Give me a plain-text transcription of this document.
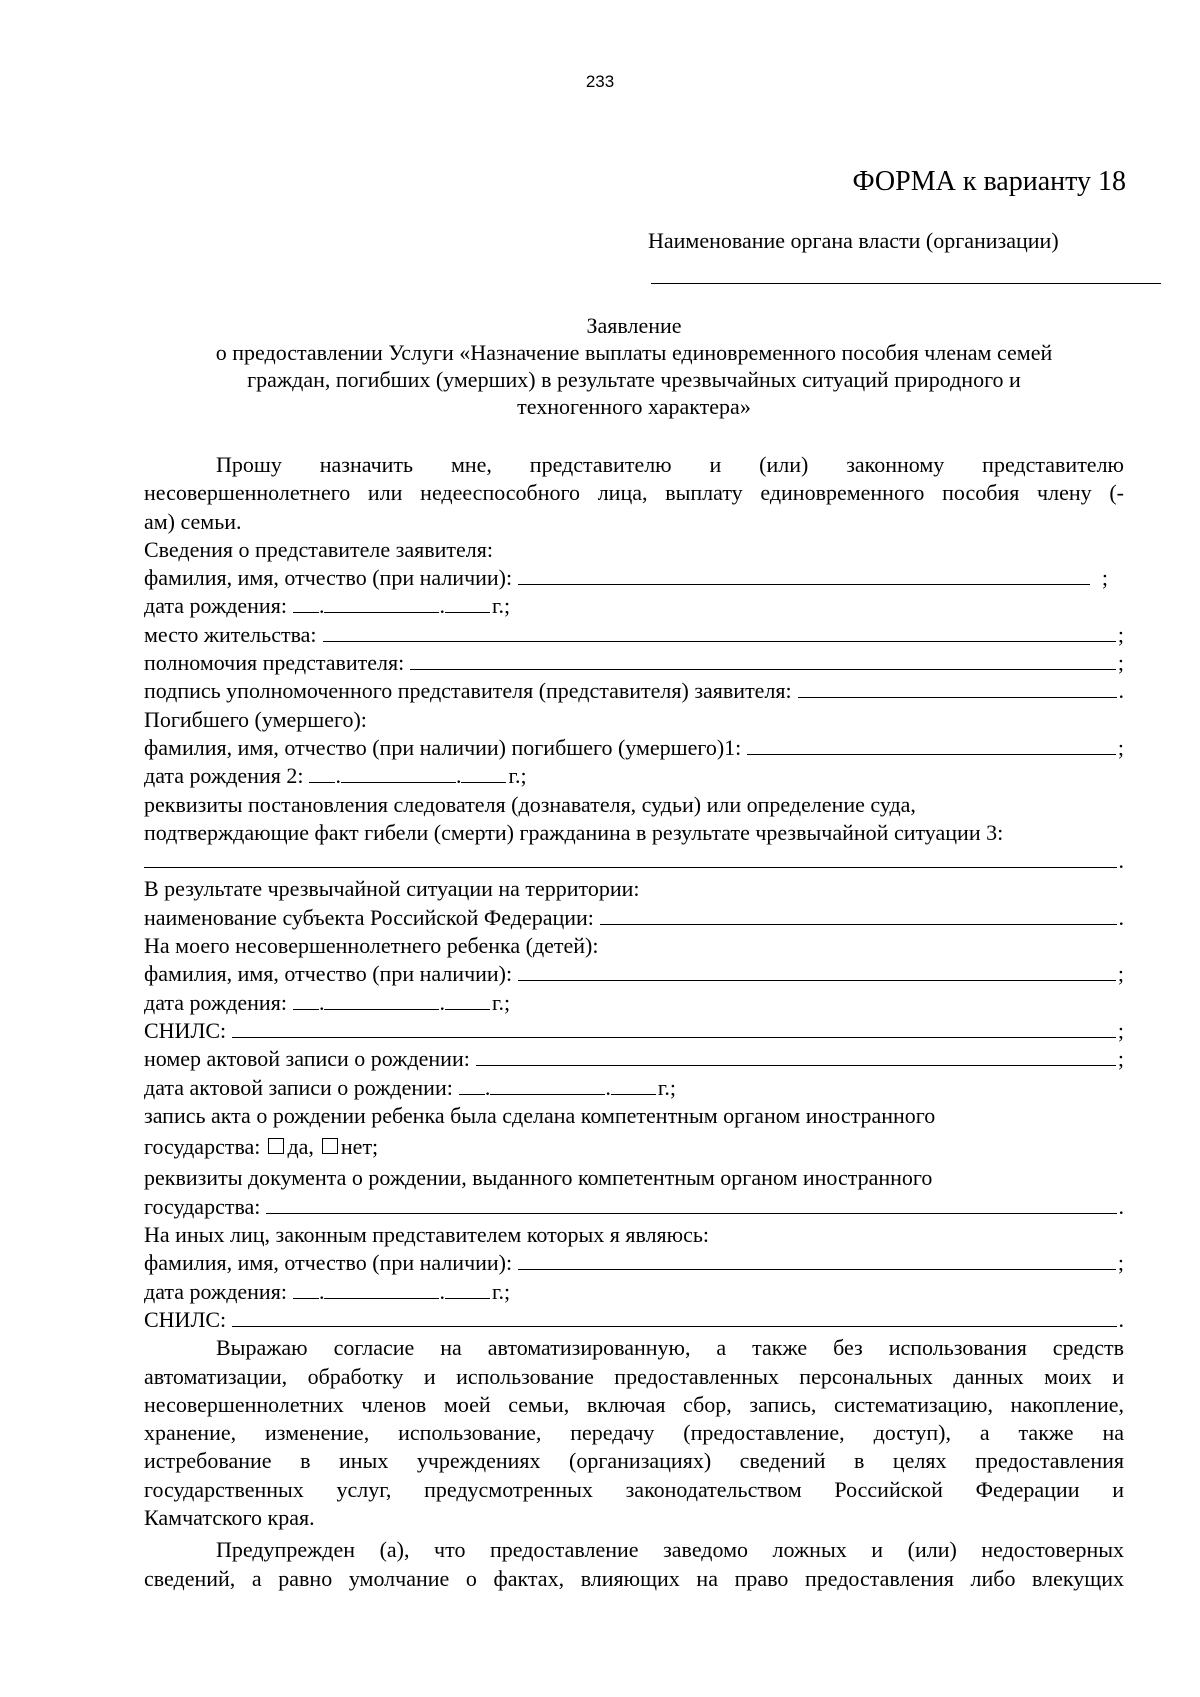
233
ФОРМА к варианту 18
Наименование органа власти (организации)
Заявление
о предоставлении Услуги «Назначение выплаты единовременного пособия членам семей
граждан, погибших (умерших) в результате чрезвычайных ситуаций природного и
техногенного характера»
Прошу назначить мне, представителю и (или) законному представителю
несовершеннолетнего или недееспособного лица, выплату единовременного пособия члену (-
ам) семьи.
Сведения о представителе заявителя:
фамилия, имя, отчество (при наличии):	;
дата рождения: .	. г.;
место жительства:	;
полномочия представителя:	;
подпись уполномоченного представителя (представителя) заявителя:	.
Погибшего (умершего):
фамилия, имя, отчество (при наличии) погибшего (умершего)1:	;
дата рождения 2: .	. г.;
реквизиты постановления следователя (дознавателя, судьи) или определение суда,
подтверждающие факт гибели (смерти) гражданина в результате чрезвычайной ситуации 3:
.
В результате чрезвычайной ситуации на территории:
наименование субъекта Российской Федерации:	.
На моего несовершеннолетнего ребенка (детей):
фамилия, имя, отчество (при наличии):	;
дата рождения: .	. г.;
СНИЛС:	;
номер актовой записи о рождении:	;
дата актовой записи о рождении: .	. г.;
запись акта о рождении ребенка была сделана компетентным органом иностранного
государства: да, нет;
реквизиты документа о рождении, выданного компетентным органом иностранного
государства:	.
На иных лиц, законным представителем которых я являюсь:
фамилия, имя, отчество (при наличии):	;
дата рождения: .	. г.;
СНИЛС:	.
Выражаю согласие на автоматизированную, а также без использования средств
автоматизации, обработку и использование предоставленных персональных данных моих и
несовершеннолетних членов моей семьи, включая сбор, запись, систематизацию, накопление,
хранение, изменение, использование, передачу (предоставление, доступ), а также на
истребование в иных учреждениях (организациях) сведений в целях предоставления
государственных услуг, предусмотренных законодательством Российской Федерации и
Камчатского края.
Предупрежден (а), что предоставление заведомо ложных и (или) недостоверных
сведений, а равно умолчание о фактах, влияющих на право предоставления либо влекущих
